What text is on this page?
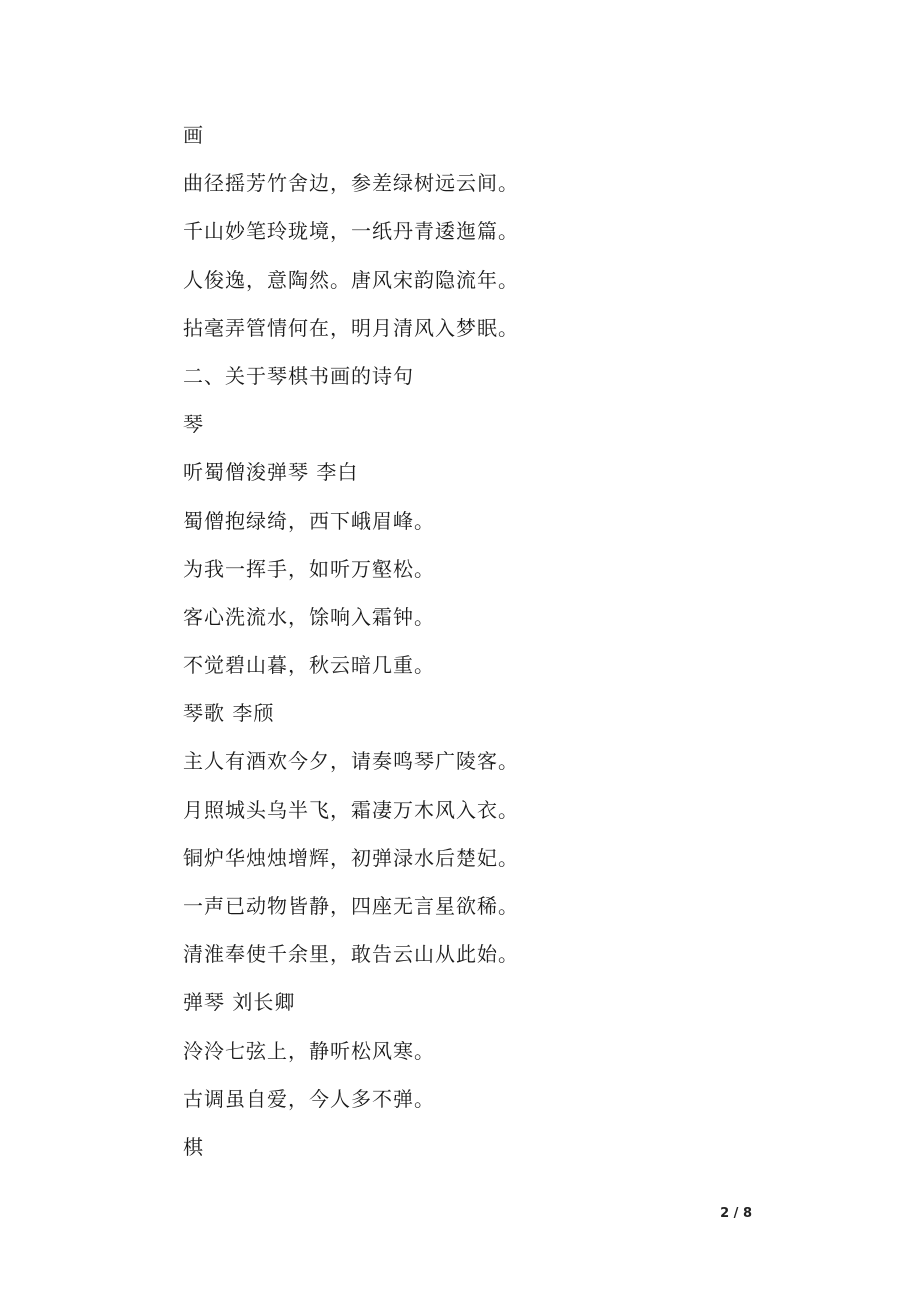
画
曲径摇芳竹舍边，参差绿树远云间。
千山妙笔玲珑境，一纸丹青逶迤篇。
人俊逸，意陶然。唐风宋韵隐流年。
拈毫弄管情何在，明月清风入梦眠。
二、关于琴棋书画的诗句
琴
听蜀僧浚弹琴 李白
蜀僧抱绿绮，西下峨眉峰。
为我一挥手，如听万壑松。
客心洗流水，馀响入霜钟。
不觉碧山暮，秋云暗几重。
琴歌 李颀
主人有酒欢今夕，请奏鸣琴广陵客。
月照城头乌半飞，霜凄万木风入衣。
铜炉华烛烛增辉，初弹渌水后楚妃。
一声已动物皆静，四座无言星欲稀。
清淮奉使千余里，敢告云山从此始。
弹琴 刘长卿
泠泠七弦上，静听松风寒。
古调虽自爱，今人多不弹。
棋
2 / 8
